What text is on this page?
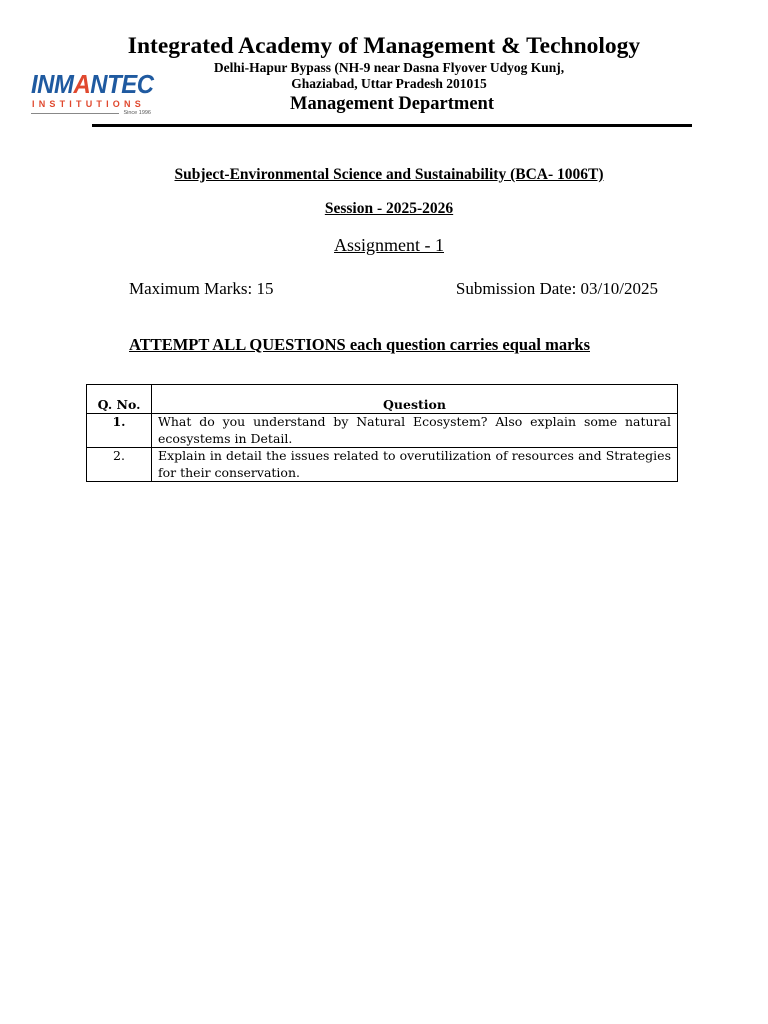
Integrated Academy of Management & Technology
Delhi-Hapur Bypass (NH-9 near Dasna Flyover Udyog Kunj,
Ghaziabad, Uttar Pradesh 201015
Management Department
INMANTEC
INSTITUTIONS
Since 1996
Subject-Environmental Science and Sustainability (BCA- 1006T)
Session - 2025-2026
Assignment - 1
Maximum Marks: 15	Submission Date: 03/10/2025
ATTEMPT ALL QUESTIONS each question carries equal marks
Q. No.	Question
1.	What do you understand by Natural Ecosystem? Also explain some natural ecosystems in Detail.
2.	Explain in detail the issues related to overutilization of resources and Strategies for their conservation.
